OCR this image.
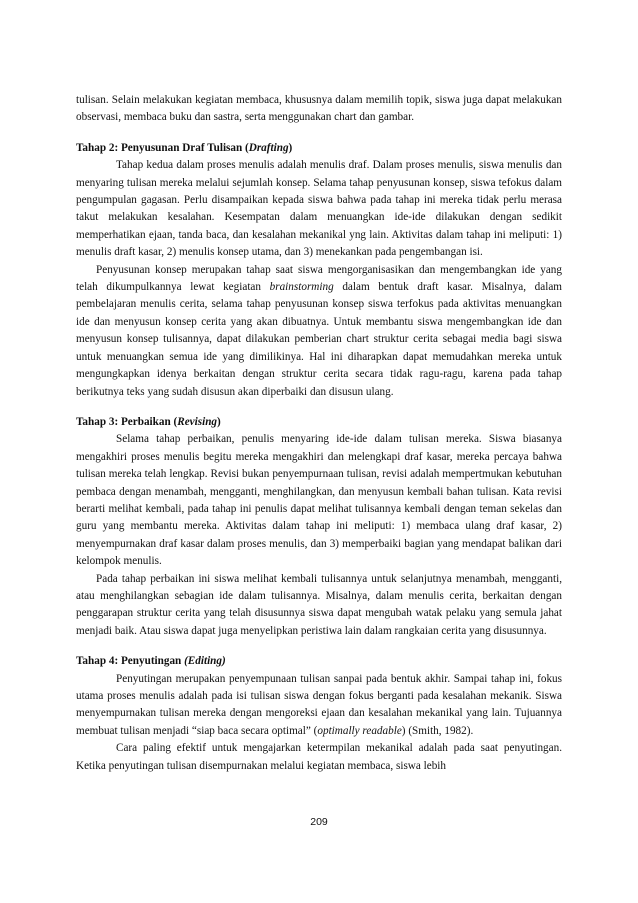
tulisan. Selain melakukan kegiatan membaca, khususnya dalam memilih topik, siswa juga dapat melakukan observasi, membaca buku dan sastra, serta menggunakan chart dan gambar.

Tahap 2: Penyusunan Draf Tulisan (Drafting)

Tahap kedua dalam proses menulis adalah menulis draf. Dalam proses menulis, siswa menulis dan menyaring tulisan mereka melalui sejumlah konsep. Selama tahap penyusunan konsep, siswa tefokus dalam pengumpulan gagasan. Perlu disampaikan kepada siswa bahwa pada tahap ini mereka tidak perlu merasa takut melakukan kesalahan. Kesempatan dalam menuangkan ide-ide dilakukan dengan sedikit memperhatikan ejaan, tanda baca, dan kesalahan mekanikal yng lain. Aktivitas dalam tahap ini meliputi: 1) menulis draft kasar, 2) menulis konsep utama, dan 3) menekankan pada pengembangan isi.

Penyusunan konsep merupakan tahap saat siswa mengorganisasikan dan mengembangkan ide yang telah dikumpulkannya lewat kegiatan brainstorming dalam bentuk draft kasar. Misalnya, dalam pembelajaran menulis cerita, selama tahap penyusunan konsep siswa terfokus pada aktivitas menuangkan ide dan menyusun konsep cerita yang akan dibuatnya. Untuk membantu siswa mengembangkan ide dan menyusun konsep tulisannya, dapat dilakukan pemberian chart struktur cerita sebagai media bagi siswa untuk menuangkan semua ide yang dimilikinya. Hal ini diharapkan dapat memudahkan mereka untuk mengungkapkan idenya berkaitan dengan struktur cerita secara tidak ragu-ragu, karena pada tahap berikutnya teks yang sudah disusun akan diperbaiki dan disusun ulang.

Tahap 3: Perbaikan (Revising)

Selama tahap perbaikan, penulis menyaring ide-ide dalam tulisan mereka. Siswa biasanya mengakhiri proses menulis begitu mereka mengakhiri dan melengkapi draf kasar, mereka percaya bahwa tulisan mereka telah lengkap. Revisi bukan penyempurnaan tulisan, revisi adalah mempertmukan kebutuhan pembaca dengan menambah, mengganti, menghilangkan, dan menyusun kembali bahan tulisan. Kata revisi berarti melihat kembali, pada tahap ini penulis dapat melihat tulisannya kembali dengan teman sekelas dan guru yang membantu mereka. Aktivitas dalam tahap ini meliputi: 1) membaca ulang draf kasar, 2) menyempurnakan draf kasar dalam proses menulis, dan 3) memperbaiki bagian yang mendapat balikan dari kelompok menulis.

Pada tahap perbaikan ini siswa melihat kembali tulisannya untuk selanjutnya menambah, mengganti, atau menghilangkan sebagian ide dalam tulisannya. Misalnya, dalam menulis cerita, berkaitan dengan penggarapan struktur cerita yang telah disusunnya siswa dapat mengubah watak pelaku yang semula jahat menjadi baik. Atau siswa dapat juga menyelipkan peristiwa lain dalam rangkaian cerita yang disusunnya.

Tahap 4: Penyutingan (Editing)

Penyutingan merupakan penyempunaan tulisan sanpai pada bentuk akhir. Sampai tahap ini, fokus utama proses menulis adalah pada isi tulisan siswa dengan fokus berganti pada kesalahan mekanik. Siswa menyempurnakan tulisan mereka dengan mengoreksi ejaan dan kesalahan mekanikal yang lain. Tujuannya membuat tulisan menjadi “siap baca secara optimal” (optimally readable) (Smith, 1982).

Cara paling efektif untuk mengajarkan ketermpilan mekanikal adalah pada saat penyutingan. Ketika penyutingan tulisan disempurnakan melalui kegiatan membaca, siswa lebih

209
